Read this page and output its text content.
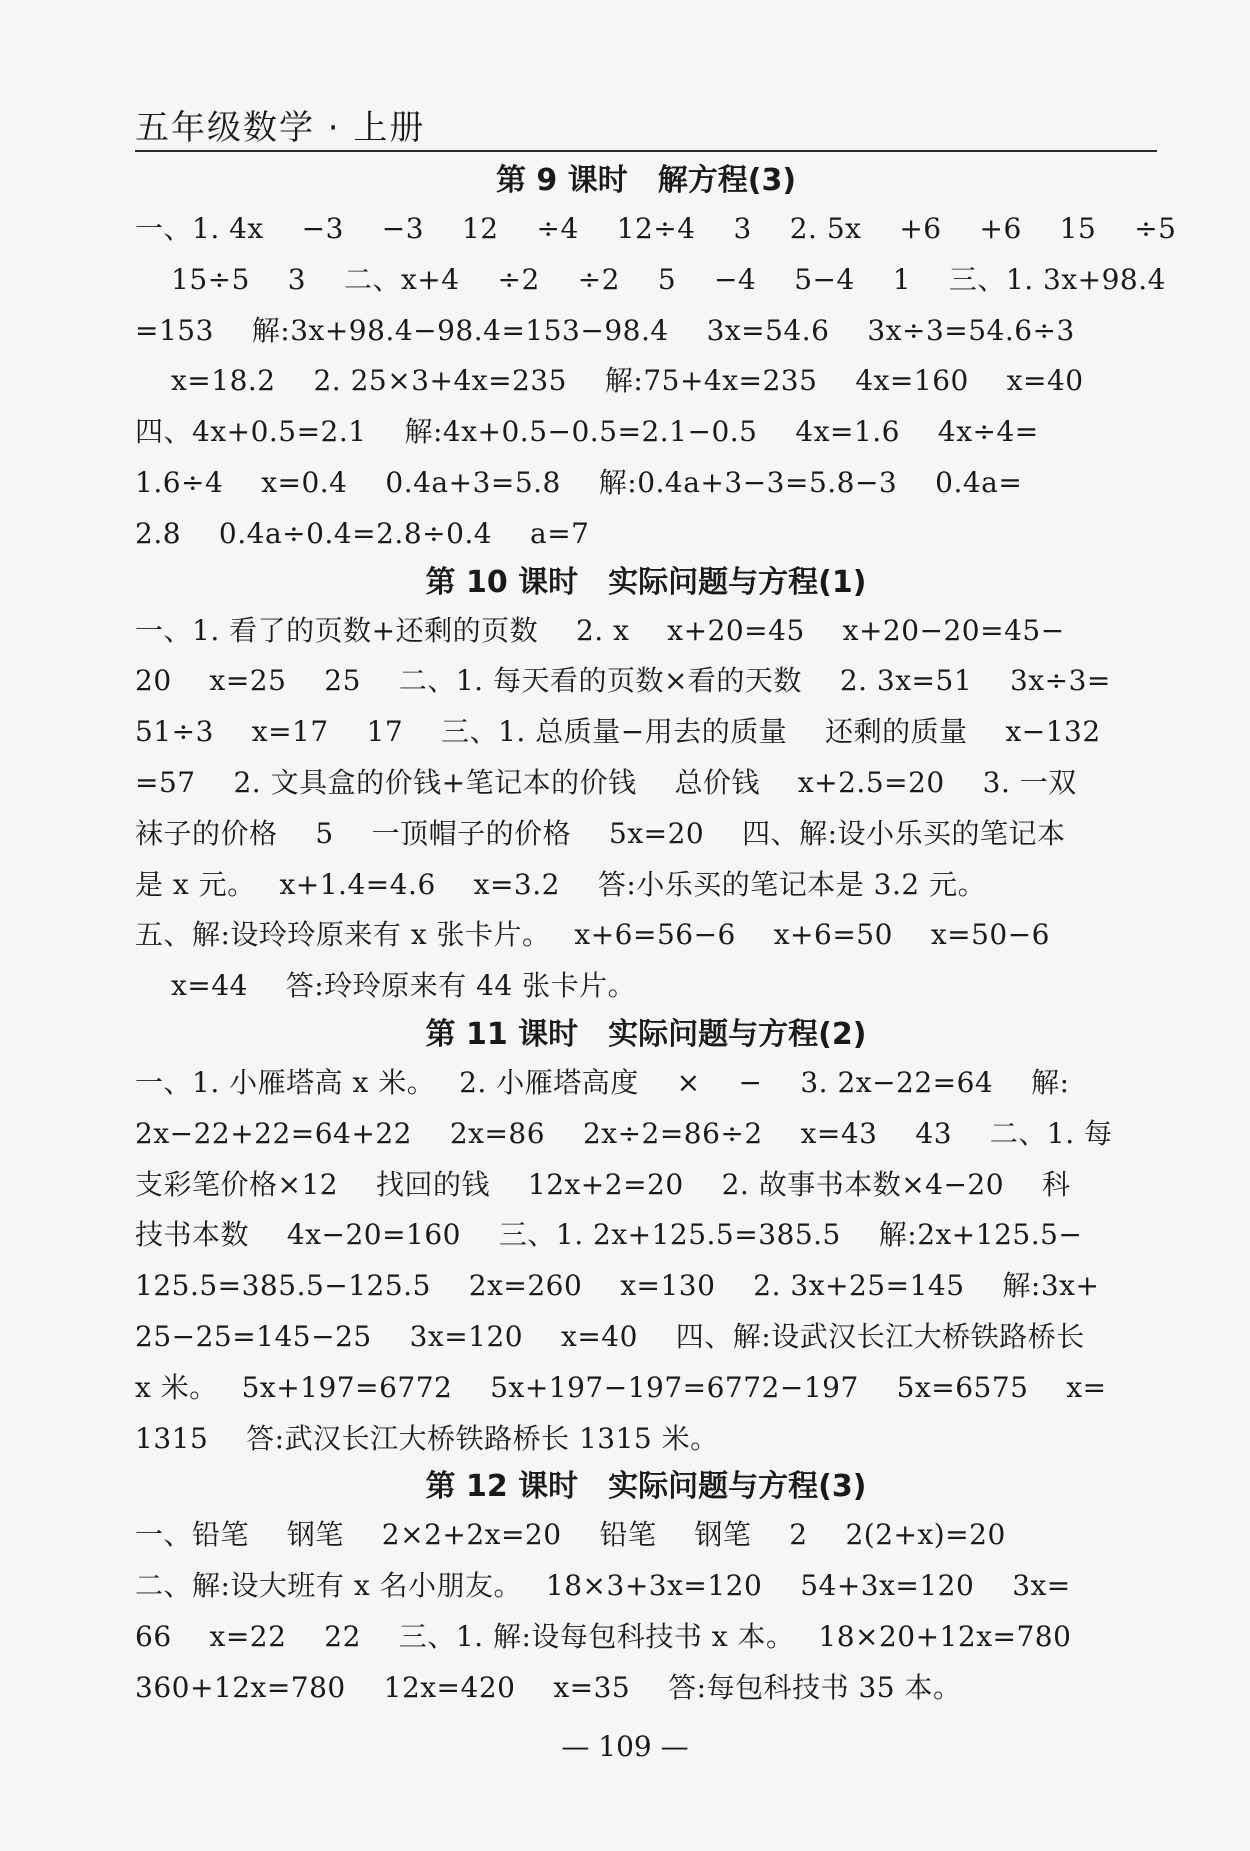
五年级数学 · 上册
第 9 课时　解方程(3)
一、1. 4x　 −3　 −3　 12　 ÷4　 12÷4　 3　 2. 5x　 +6　 +6　 15　 ÷5
15÷5　 3　 二、x+4　 ÷2　 ÷2　 5　 −4　 5−4　 1　 三、1. 3x+98.4
=153　 解:3x+98.4−98.4=153−98.4　 3x=54.6　 3x÷3=54.6÷3
x=18.2　 2. 25×3+4x=235　 解:75+4x=235　 4x=160　 x=40
四、4x+0.5=2.1　 解:4x+0.5−0.5=2.1−0.5　 4x=1.6　 4x÷4=
1.6÷4　 x=0.4　 0.4a+3=5.8　 解:0.4a+3−3=5.8−3　 0.4a=
2.8　 0.4a÷0.4=2.8÷0.4　 a=7
第 10 课时　实际问题与方程(1)
一、1. 看了的页数+还剩的页数　 2. x　 x+20=45　 x+20−20=45−
20　 x=25　 25　 二、1. 每天看的页数×看的天数　 2. 3x=51　 3x÷3=
51÷3　 x=17　 17　 三、1. 总质量−用去的质量　 还剩的质量　 x−132
=57　 2. 文具盒的价钱+笔记本的价钱　 总价钱　 x+2.5=20　 3. 一双
袜子的价格　 5　 一顶帽子的价格　 5x=20　 四、解:设小乐买的笔记本
是 x 元。　 x+1.4=4.6　 x=3.2　 答:小乐买的笔记本是 3.2 元。
五、解:设玲玲原来有 x 张卡片。　 x+6=56−6　 x+6=50　 x=50−6
x=44　 答:玲玲原来有 44 张卡片。
第 11 课时　实际问题与方程(2)
一、1. 小雁塔高 x 米。　 2. 小雁塔高度　 ×　 −　 3. 2x−22=64　 解:
2x−22+22=64+22　 2x=86　 2x÷2=86÷2　 x=43　 43　 二、1. 每
支彩笔价格×12　 找回的钱　 12x+2=20　 2. 故事书本数×4−20　 科
技书本数　 4x−20=160　 三、1. 2x+125.5=385.5　 解:2x+125.5−
125.5=385.5−125.5　 2x=260　 x=130　 2. 3x+25=145　 解:3x+
25−25=145−25　 3x=120　 x=40　 四、解:设武汉长江大桥铁路桥长
x 米。　 5x+197=6772　 5x+197−197=6772−197　 5x=6575　 x=
1315　 答:武汉长江大桥铁路桥长 1315 米。
第 12 课时　实际问题与方程(3)
一、铅笔　 钢笔　 2×2+2x=20　 铅笔　 钢笔　 2　 2(2+x)=20
二、解:设大班有 x 名小朋友。　 18×3+3x=120　 54+3x=120　 3x=
66　 x=22　 22　 三、1. 解:设每包科技书 x 本。　 18×20+12x=780
360+12x=780　 12x=420　 x=35　 答:每包科技书 35 本。
— 109 —
